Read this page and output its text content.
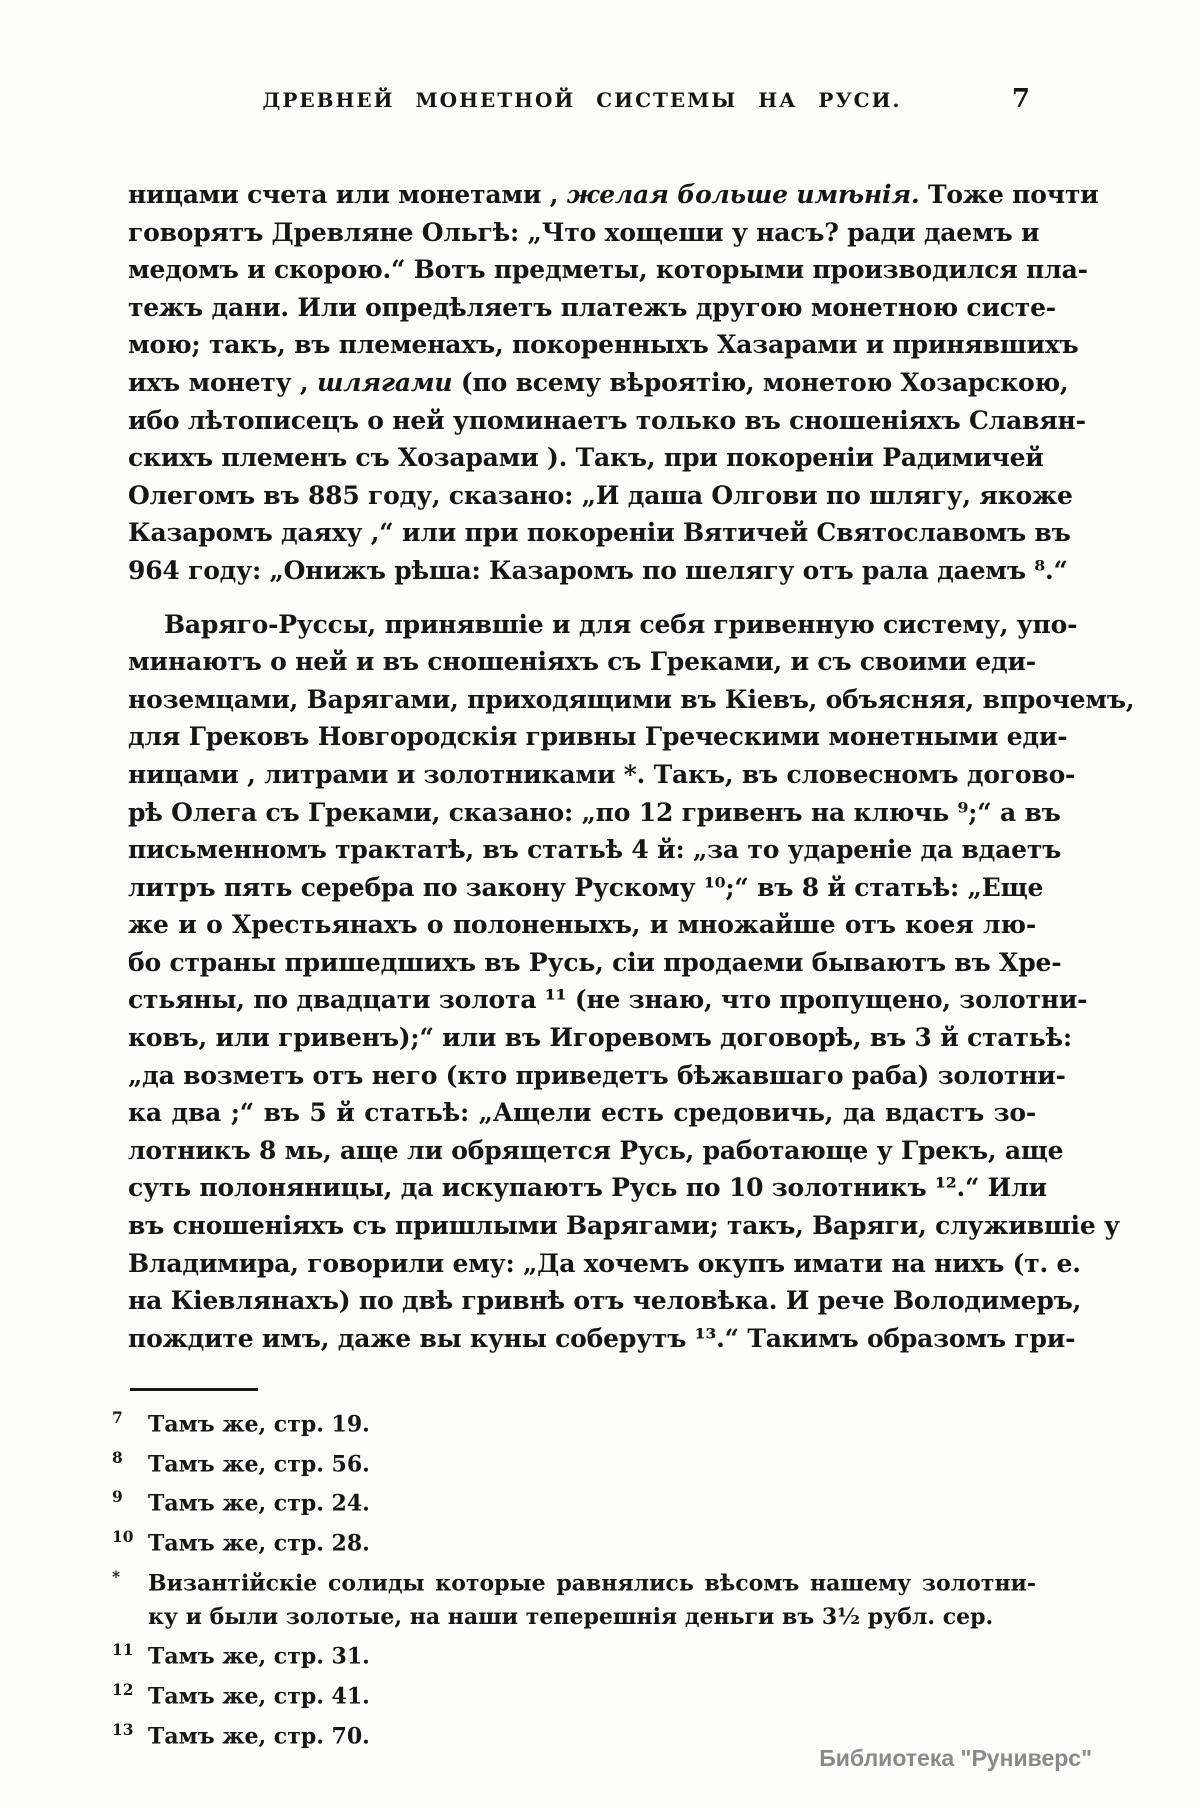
ДРЕВНЕЙ МОНЕТНОЙ СИСТЕМЫ НА РУСИ.	7
ницами счета или монетами , желая больше имѣнія. Тоже почти
говорятъ Древляне Ольгѣ: „Что хощеши у насъ? ради даемъ и
медомъ и скорою.“ Вотъ предметы, которыми производился пла-
тежъ дани. Или опредѣляетъ платежъ другою монетною систе-
мою; такъ, въ племенахъ, покоренныхъ Хазарами и принявшихъ
ихъ монету , шлягами (по всему вѣроятію, монетою Хозарскою,
ибо лѣтописецъ о ней упоминаетъ только въ сношеніяхъ Славян-
скихъ племенъ съ Хозарами ). Такъ, при покореніи Радимичей
Олегомъ въ 885 году, сказано: „И даша Олгови по шлягу, якоже
Казаромъ даяху ,“ или при покореніи Вятичей Святославомъ въ
964 году: „Онижъ рѣша: Казаромъ по шелягу отъ рала даемъ ⁸.“
Варяго-Руссы, принявшіе и для себя гривенную систему, упо-
минаютъ о ней и въ сношеніяхъ съ Греками, и съ своими еди-
ноземцами, Варягами, приходящими въ Кіевъ, объясняя, впрочемъ,
для Грековъ Новгородскія гривны Греческими монетными еди-
ницами , литрами и золотниками *. Такъ, въ словесномъ догово-
рѣ Олега съ Греками, сказано: „по 12 гривенъ на ключь ⁹;“ а въ
письменномъ трактатѣ, въ статьѣ 4 й: „за то удареніе да вдаетъ
литръ пять серебра по закону Рускому ¹⁰;“ въ 8 й статьѣ: „Еще
же и о Хрестьянахъ о полоненыхъ, и множайше отъ коея лю-
бо страны пришедшихъ въ Русь, сіи продаеми бываютъ въ Хре-
стьяны, по двадцати золота ¹¹ (не знаю, что пропущено, золотни-
ковъ, или гривенъ);“ или въ Игоревомъ договорѣ, въ 3 й статьѣ:
„да возметъ отъ него (кто приведетъ бѣжавшаго раба) золотни-
ка два ;“ въ 5 й статьѣ: „Ащели есть средовичь, да вдастъ зо-
лотникъ 8 мь, аще ли обрящется Русь, работающе у Грекъ, аще
суть полоняницы, да искупаютъ Русь по 10 золотникъ ¹².“ Или
въ сношеніяхъ съ пришлыми Варягами; такъ, Варяги, служившіе у
Владимира, говорили ему: „Да хочемъ окупъ имати на нихъ (т. е.
на Кіевлянахъ) по двѣ гривнѣ отъ человѣка. И рече Володимеръ,
пождите имъ, даже вы куны соберутъ ¹³.“ Такимъ образомъ гри-
7 Тамъ же, стр. 19.
8 Тамъ же, стр. 56.
9 Тамъ же, стр. 24.
10 Тамъ же, стр. 28.
* Византійскіе солиды которые равнялись вѣсомъ нашему золотни-
ку и были золотые, на наши теперешнія деньги въ 3½ рубл. сер.
11 Тамъ же, стр. 31.
12 Тамъ же, стр. 41.
13 Тамъ же, стр. 70.
Библиотека "Руниверс"
